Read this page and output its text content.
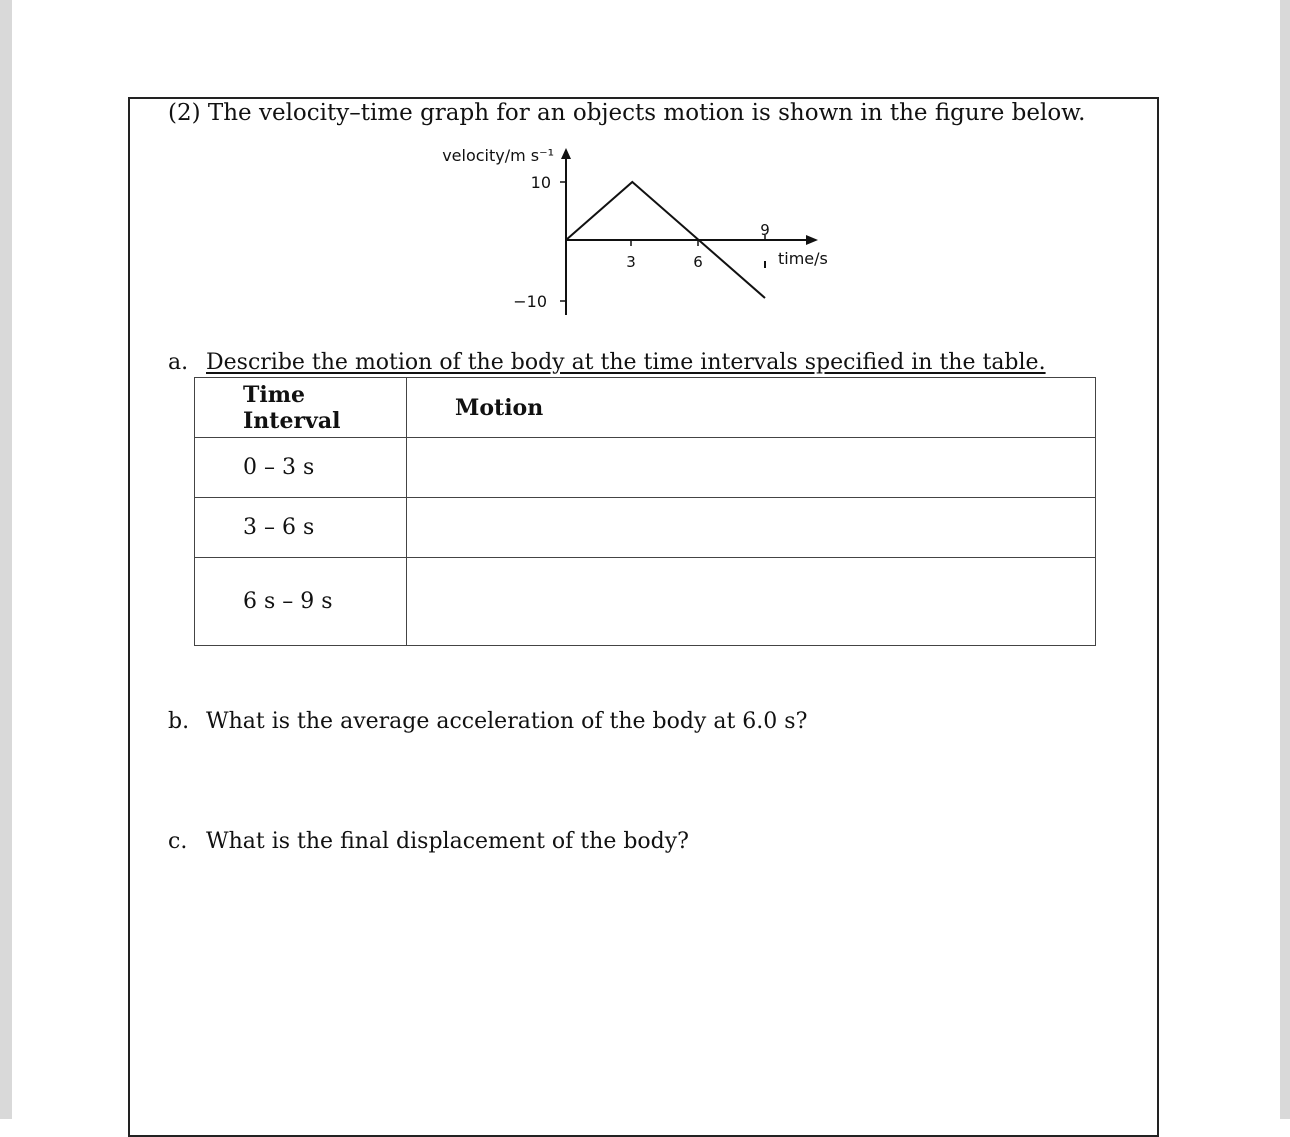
(2) The velocity–time graph for an objects motion is shown in the figure below.
velocity/m s⁻¹
10
−10
3	6
9
time/s
a. Describe the motion of the body at the time intervals specified in the table.
Time
Interval	Motion
0 – 3 s	
3 – 6 s	
6 s – 9 s	
b. What is the average acceleration of the body at 6.0 s?
c. What is the final displacement of the body?
